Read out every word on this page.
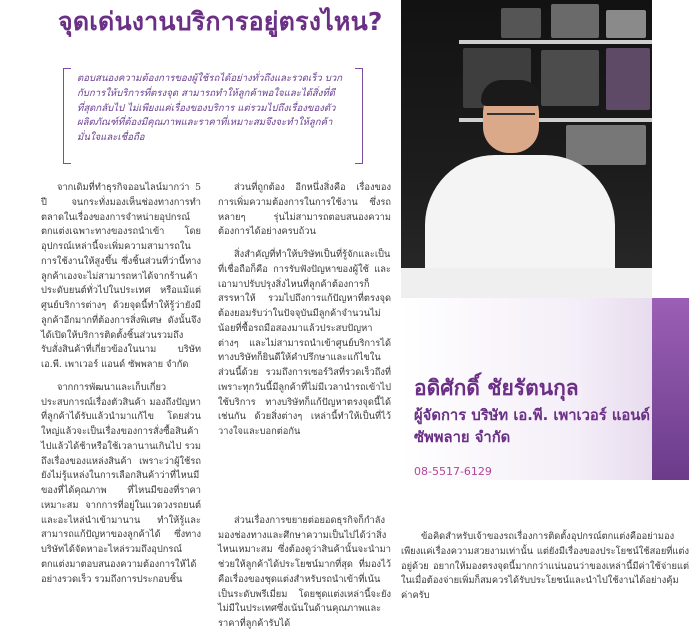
จุดเด่นงานบริการอยู่ตรงไหน?
ตอบสนองความต้องการของผู้ใช้รถได้อย่างทั่วถึงและรวดเร็ว บวกกับการให้บริการที่ตรงจุด สามารถทำให้ลูกค้าพอใจและได้สิ่งที่ดีที่สุดกลับไป ไม่เพียงแค่เรื่องของบริการ แต่รวมไปถึงเรื่องของตัวผลิตภัณฑ์ที่ต้องมีคุณภาพและราคาที่เหมาะสมจึงจะทำให้ลูกค้ามั่นใจและเชื่อถือ

จากเดิมที่ทำธุรกิจออนไลน์มากว่า 5 ปี จนกระทั่งมองเห็นช่องทางการทำตลาดในเรื่องของการจำหน่ายอุปกรณ์ตกแต่งเฉพาะทางของรถนำเข้า โดยอุปกรณ์เหล่านี้จะเพิ่มความสามารถในการใช้งานให้สูงขึ้น ซึ่งชิ้นส่วนที่ว่านี้ทางลูกค้าเองจะไม่สามารถหาได้จากร้านค้าประดับยนต์ทั่วไปในประเทศ หรือแม้แต่ศูนย์บริการต่างๆ ด้วยจุดนี้ทำให้รู้ว่ายังมีลูกค้าอีกมากที่ต้องการสิ่งพิเศษ ดังนั้นจึงได้เปิดให้บริการติดตั้งชิ้นส่วนรวมถึงรับสั่งสินค้าที่เกี่ยวข้องในนาม บริษัท เอ.พี. เพาเวอร์ แอนด์ ซัพพลาย จำกัด

จากการพัฒนาและเก็บเกี่ยวประสบการณ์เรื่องตัวสินค้า มองถึงปัญหาที่ลูกค้าได้รับแล้วนำมาแก้ไข โดยส่วนใหญ่แล้วจะเป็นเรื่องของการสั่งซื้อสินค้าไปแล้วได้ช้าหรือใช้เวลานานเกินไป รวมถึงเรื่องของแหล่งสินค้า เพราะว่าผู้ใช้รถยังไม่รู้แหล่งในการเลือกสินค้าว่าที่ไหนมีของที่ได้คุณภาพ ที่ไหนมีของที่ราคาเหมาะสม จากการที่อยู่ในแวดวงรถยนต์และอะไหล่นำเข้ามานาน ทำให้รู้และสามารถแก้ปัญหาของลูกค้าได้ ซึ่งทางบริษัทได้จัดหาอะไหล่รวมถึงอุปกรณ์ตกแต่งมาตอบสนองความต้องการให้ได้อย่างรวดเร็ว รวมถึงการประกอบชิ้น

ส่วนที่ถูกต้อง อีกหนึ่งสิ่งคือ เรื่องของการเพิ่มความต้องการในการใช้งาน ซึ่งรถหลายๆ รุ่นไม่สามารถตอบสนองความต้องการได้อย่างครบถ้วน

สิ่งสำคัญที่ทำให้บริษัทเป็นที่รู้จักและเป็นที่เชื่อถือก็คือ การรับฟังปัญหาของผู้ใช้ และเอามาปรับปรุงสิ่งไหนที่ลูกค้าต้องการก็สรรหาให้ รวมไปถึงการแก้ปัญหาที่ตรงจุดต้องยอมรับว่าในปัจจุบันมีลูกค้าจำนวนไม่น้อยที่ซื้อรถมือสองมาแล้วประสบปัญหาต่างๆ และไม่สามารถนำเข้าศูนย์บริการได้ ทางบริษัทก็ยินดีให้คำปรึกษาและแก้ไขในส่วนนี้ด้วย รวมถึงการเซอร์วิสที่รวดเร็วถึงที่เพราะทุกวันนี้มีลูกค้าที่ไม่มีเวลานำรถเข้าไปใช้บริการ ทางบริษัทก็แก้ปัญหาตรงจุดนี้ได้เช่นกัน ด้วยสิ่งต่างๆ เหล่านี้ทำให้เป็นที่ไว้วางใจและบอกต่อกัน

ส่วนเรื่องการขยายต่อยอดธุรกิจก็กำลังมองช่องทางและศึกษาความเป็นไปได้ว่าสิ่งไหนเหมาะสม ซึ่งต้องดูว่าสินค้านั้นจะนำมาช่วยให้ลูกค้าได้ประโยชน์มากที่สุด ที่มองไว้คือเรื่องของชุดแต่งสำหรับรถนำเข้าที่เน้นเป็นระดับพรีเมี่ยม โดยชุดแต่งเหล่านี้จะยังไม่มีในประเทศซึ่งเน้นในด้านคุณภาพและราคาที่ลูกค้ารับได้

อดิศักดิ์ ชัยรัตนกุล
ผู้จัดการ บริษัท เอ.พี. เพาเวอร์ แอนด์ ซัพพลาย จำกัด
08-5517-6129

ข้อคิดสำหรับเจ้าของรถเรื่องการติดตั้งอุปกรณ์ตกแต่งคืออย่ามองเพียงแค่เรื่องความสวยงามเท่านั้น แต่ยังมีเรื่องของประโยชน์ใช้สอยที่แต่งอยู่ด้วย อยากให้มองตรงจุดนี้มากกว่าแน่นอนว่าของเหล่านี้มีค่าใช้จ่ายแต่ในเมื่อต้องจ่ายเพิ่มก็สมควรได้รับประโยชน์และนำไปใช้งานได้อย่างคุ้มค่าครับ
